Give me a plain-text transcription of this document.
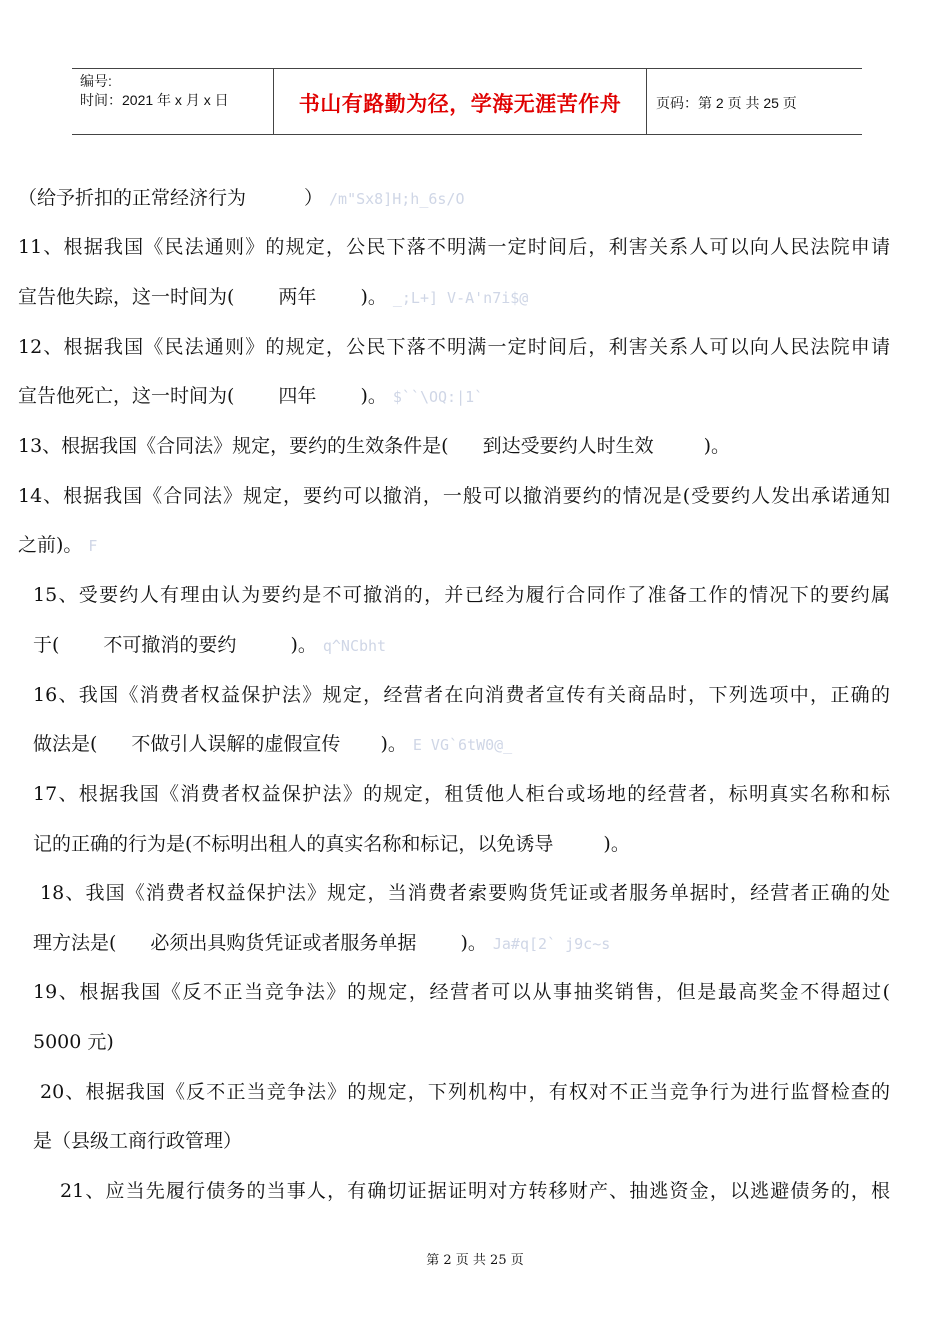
编号:
时间：2021 年 x 月 x 日	书山有路勤为径，学海无涯苦作舟	页码：第 2 页 共 25 页
（给予折扣的正常经济行为	） /m"Sx8]H;h_6s/O
11、根据我国《民法通则》的规定，公民下落不明满一定时间后，利害关系人可以向人民法院申请
宣告他失踪，这一时间为( 两年 )。 _;L+] V-A'n7i$@
12、根据我国《民法通则》的规定，公民下落不明满一定时间后，利害关系人可以向人民法院申请
宣告他死亡，这一时间为( 四年 )。 $``\OQ:|1`
13、根据我国《合同法》规定，要约的生效条件是( 到达受要约人时生效	)。
14、根据我国《合同法》规定，要约可以撤消，一般可以撤消要约的情况是(受要约人发出承诺通知
之前)。 F
15、受要约人有理由认为要约是不可撤消的，并已经为履行合同作了准备工作的情况下的要约属
于( 不可撤消的要约	)。 q^NCbht
16、我国《消费者权益保护法》规定，经营者在向消费者宣传有关商品时，下列选项中，正确的
做法是( 不做引人误解的虚假宣传 )。 E VG`6tW0@_
17、根据我国《消费者权益保护法》的规定，租赁他人柜台或场地的经营者，标明真实名称和标
记的正确的行为是(不标明出租人的真实名称和标记，以免诱导	)。
18、我国《消费者权益保护法》规定，当消费者索要购货凭证或者服务单据时，经营者正确的处
理方法是( 必须出具购货凭证或者服务单据 )。 Ja#q[2` j9c~s
19、根据我国《反不正当竞争法》的规定，经营者可以从事抽奖销售，但是最高奖金不得超过(
5000 元)
20、根据我国《反不正当竞争法》的规定，下列机构中，有权对不正当竞争行为进行监督检查的
是（县级工商行政管理）
21、应当先履行债务的当事人，有确切证据证明对方转移财产、抽逃资金，以逃避债务的，根
第 2 页 共 25 页
